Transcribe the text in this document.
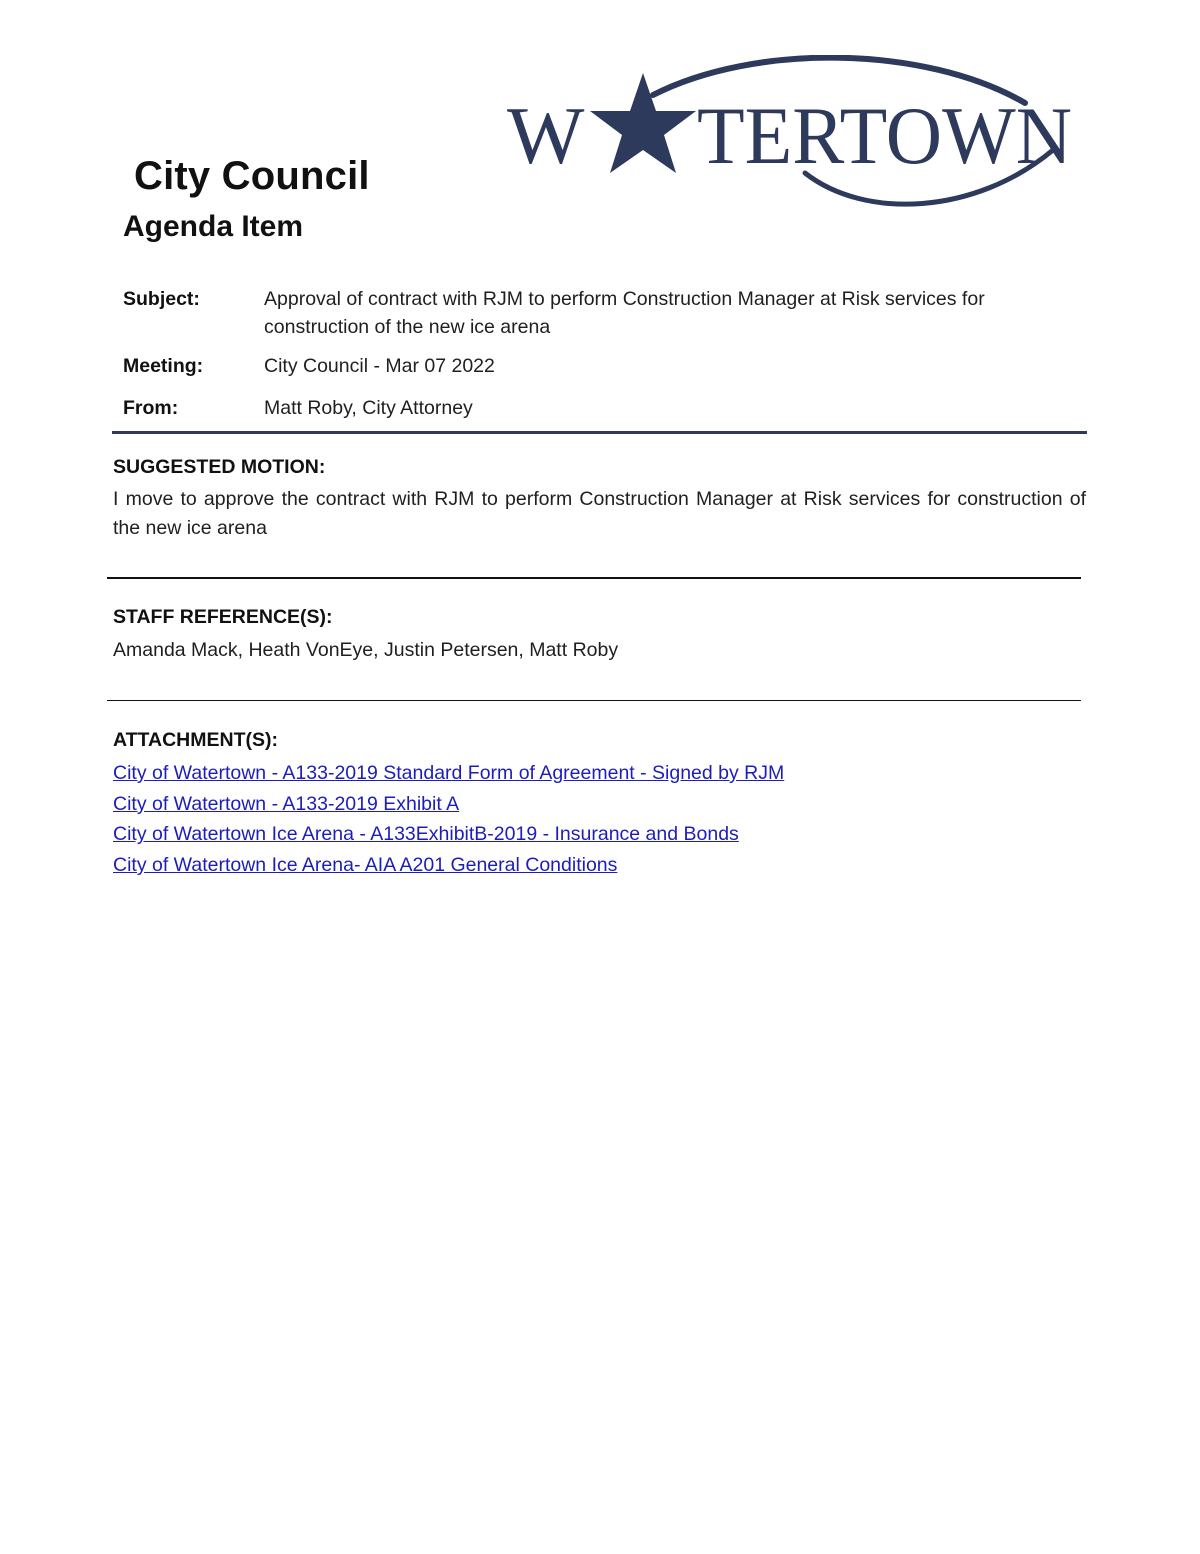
W TERTOWN
City Council
Agenda Item
Subject:	Approval of contract with RJM to perform Construction Manager at Risk services for construction of the new ice arena
Meeting:	City Council - Mar 07 2022
From:	Matt Roby, City Attorney
SUGGESTED MOTION:
I move to approve the contract with RJM to perform Construction Manager at Risk services for construction of the new ice arena
STAFF REFERENCE(S):
Amanda Mack, Heath VonEye, Justin Petersen, Matt Roby
ATTACHMENT(S):
City of Watertown - A133-2019 Standard Form of Agreement - Signed by RJM
City of Watertown - A133-2019 Exhibit A
City of Watertown Ice Arena - A133ExhibitB-2019 - Insurance and Bonds
City of Watertown Ice Arena- AIA A201 General Conditions
